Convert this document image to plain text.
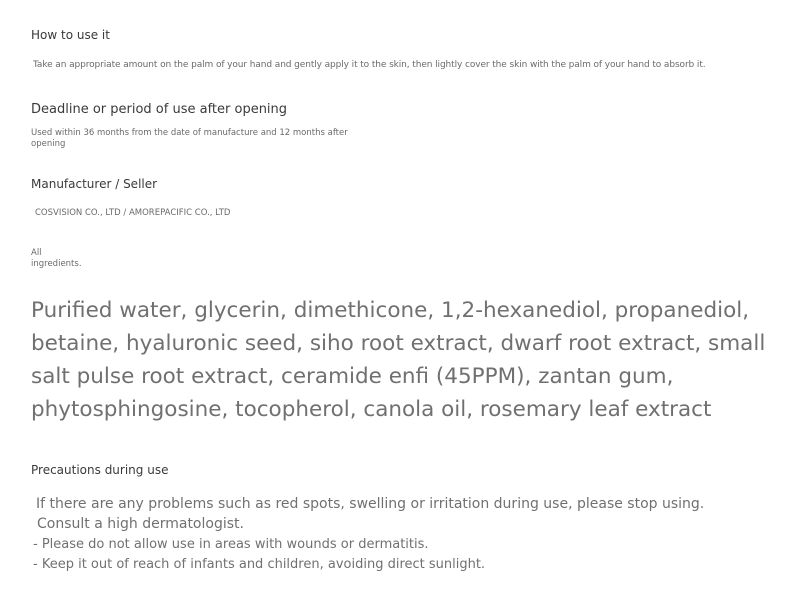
How to use it
Take an appropriate amount on the palm of your hand and gently apply it to the skin, then lightly cover the skin with the palm of your hand to absorb it.
Deadline or period of use after opening
Used within 36 months from the date of manufacture and 12 months after
opening
Manufacturer / Seller
COSVISION CO., LTD / AMOREPACIFIC CO., LTD
All
ingredients.
Purified water, glycerin, dimethicone, 1,2-hexanediol, propanediol,
betaine, hyaluronic seed, siho root extract, dwarf root extract, small
salt pulse root extract, ceramide enfi (45PPM), zantan gum,
phytosphingosine, tocopherol, canola oil, rosemary leaf extract
Precautions during use
If there are any problems such as red spots, swelling or irritation during use, please stop using.
Consult a high dermatologist.
- Please do not allow use in areas with wounds or dermatitis.
- Keep it out of reach of infants and children, avoiding direct sunlight.
